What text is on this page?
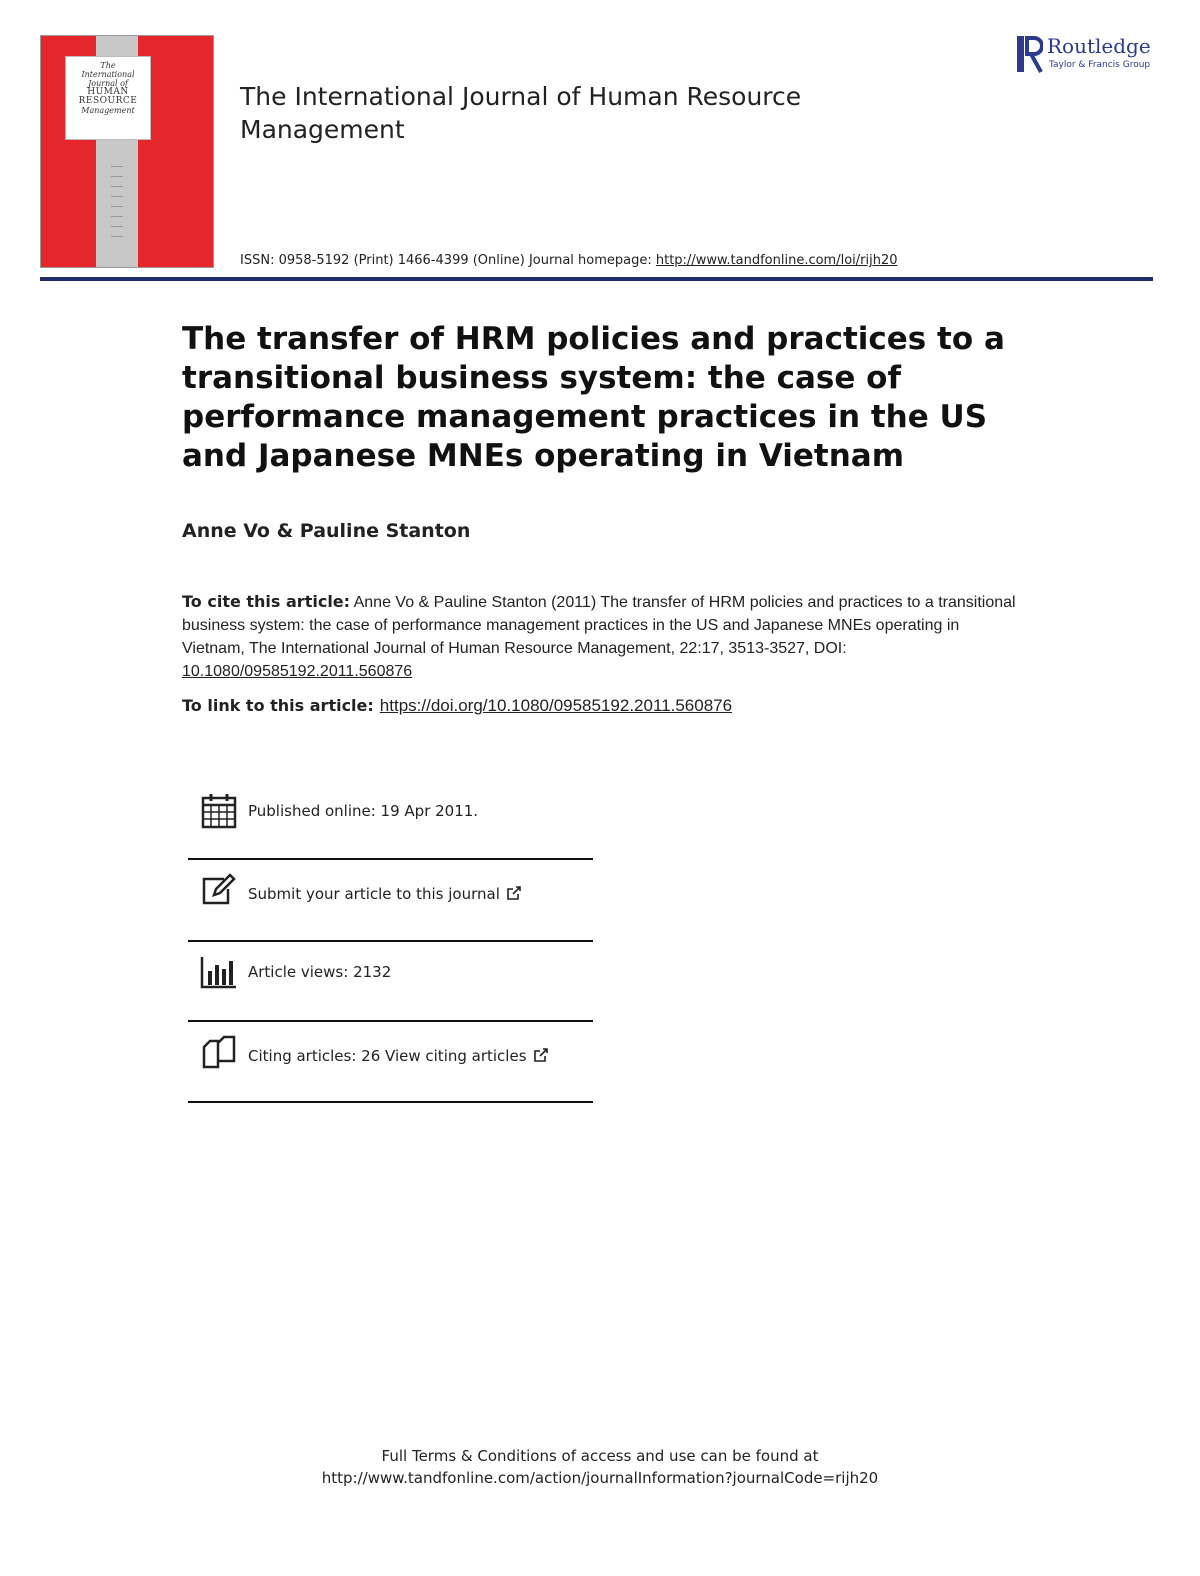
The
International
Journal of
HUMAN
RESOURCE
Management	The International Journal of Human Resource Management
ISSN: 0958-5192 (Print) 1466-4399 (Online) Journal homepage: http://www.tandfonline.com/loi/rijh20
Routledge
Taylor & Francis Group
The transfer of HRM policies and practices to a transitional business system: the case of performance management practices in the US and Japanese MNEs operating in Vietnam
Anne Vo & Pauline Stanton
To cite this article: Anne Vo & Pauline Stanton (2011) The transfer of HRM policies and practices to a transitional business system: the case of performance management practices in the US and Japanese MNEs operating in Vietnam, The International Journal of Human Resource Management, 22:17, 3513-3527, DOI: 10.1080/09585192.2011.560876
To link to this article: https://doi.org/10.1080/09585192.2011.560876
Published online: 19 Apr 2011.
Submit your article to this journal
Article views: 2132
Citing articles: 26 View citing articles
Full Terms & Conditions of access and use can be found at
http://www.tandfonline.com/action/journalInformation?journalCode=rijh20
